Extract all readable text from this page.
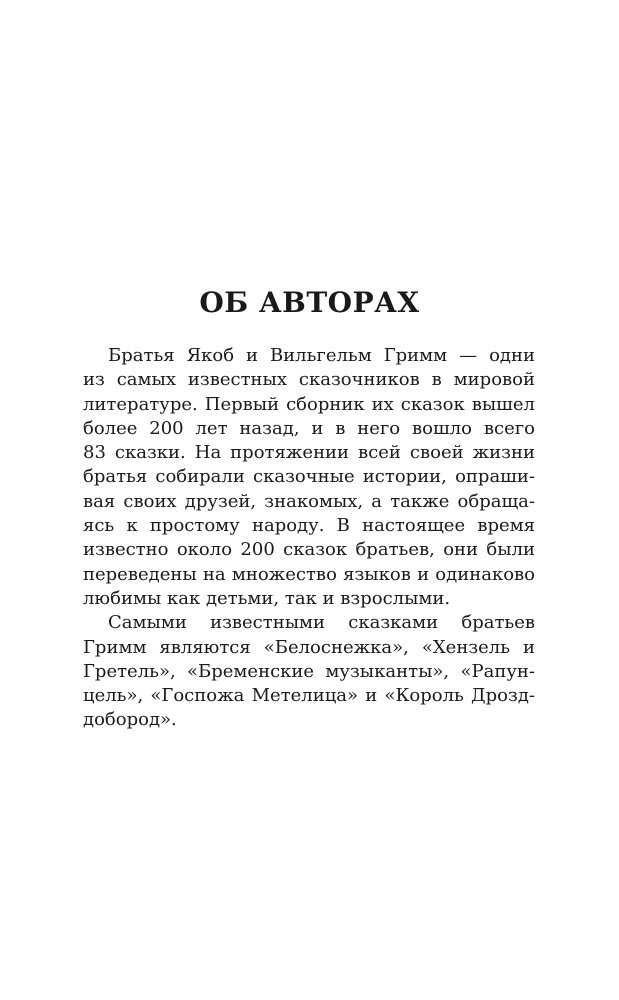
ОБ АВТОРАХ
Братья Якоб и Вильгельм Гримм — одни
из самых известных сказочников в мировой
литературе. Первый сборник их сказок вышел
более 200 лет назад, и в него вошло всего
83 сказки. На протяжении всей своей жизни
братья собирали сказочные истории, опраши-
вая своих друзей, знакомых, а также обраща-
ясь к простому народу. В настоящее время
известно около 200 сказок братьев, они были
переведены на множество языков и одинаково
любимы как детьми, так и взрослыми.
Самыми известными сказками братьев
Гримм являются «Белоснежка», «Хензель и
Гретель», «Бременские музыканты», «Рапун-
цель», «Госпожа Метелица» и «Король Дрозд-
добород».
